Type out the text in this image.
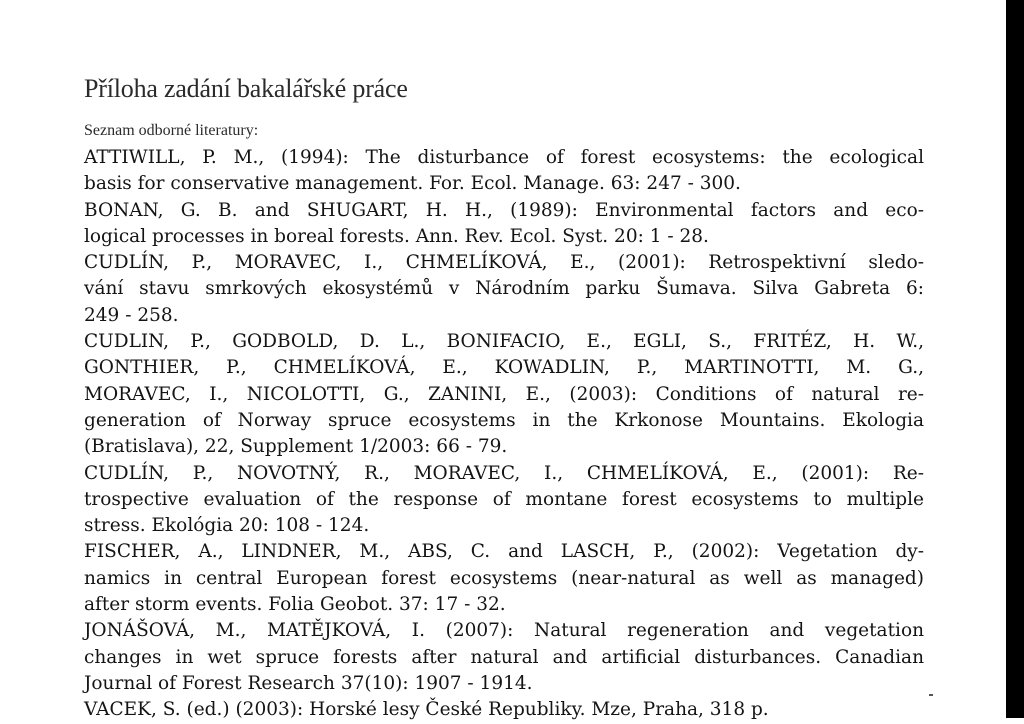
Příloha zadání bakalářské práce
Seznam odborné literatury:
ATTIWILL, P. M., (1994): The disturbance of forest ecosystems: the ecological
basis for conservative management. For. Ecol. Manage. 63: 247 - 300.
BONAN, G. B. and SHUGART, H. H., (1989): Environmental factors and eco-
logical processes in boreal forests. Ann. Rev. Ecol. Syst. 20: 1 - 28.
CUDLÍN, P., MORAVEC, I., CHMELÍKOVÁ, E., (2001): Retrospektivní sledo-
vání stavu smrkových ekosystémů v Národním parku Šumava. Silva Gabreta 6:
249 - 258.
CUDLIN, P., GODBOLD, D. L., BONIFACIO, E., EGLI, S., FRITÉZ, H. W.,
GONTHIER, P., CHMELÍKOVÁ, E., KOWADLIN, P., MARTINOTTI, M. G.,
MORAVEC, I., NICOLOTTI, G., ZANINI, E., (2003): Conditions of natural re-
generation of Norway spruce ecosystems in the Krkonose Mountains. Ekologia
(Bratislava), 22, Supplement 1/2003: 66 - 79.
CUDLÍN, P., NOVOTNÝ, R., MORAVEC, I., CHMELÍKOVÁ, E., (2001): Re-
trospective evaluation of the response of montane forest ecosystems to multiple
stress. Ekológia 20: 108 - 124.
FISCHER, A., LINDNER, M., ABS, C. and LASCH, P., (2002): Vegetation dy-
namics in central European forest ecosystems (near-natural as well as managed)
after storm events. Folia Geobot. 37: 17 - 32.
JONÁŠOVÁ, M., MATĚJKOVÁ, I. (2007): Natural regeneration and vegetation
changes in wet spruce forests after natural and artificial disturbances. Canadian
Journal of Forest Research 37(10): 1907 - 1914.
VACEK, S. (ed.) (2003): Horské lesy České Republiky. Mze, Praha, 318 p.
